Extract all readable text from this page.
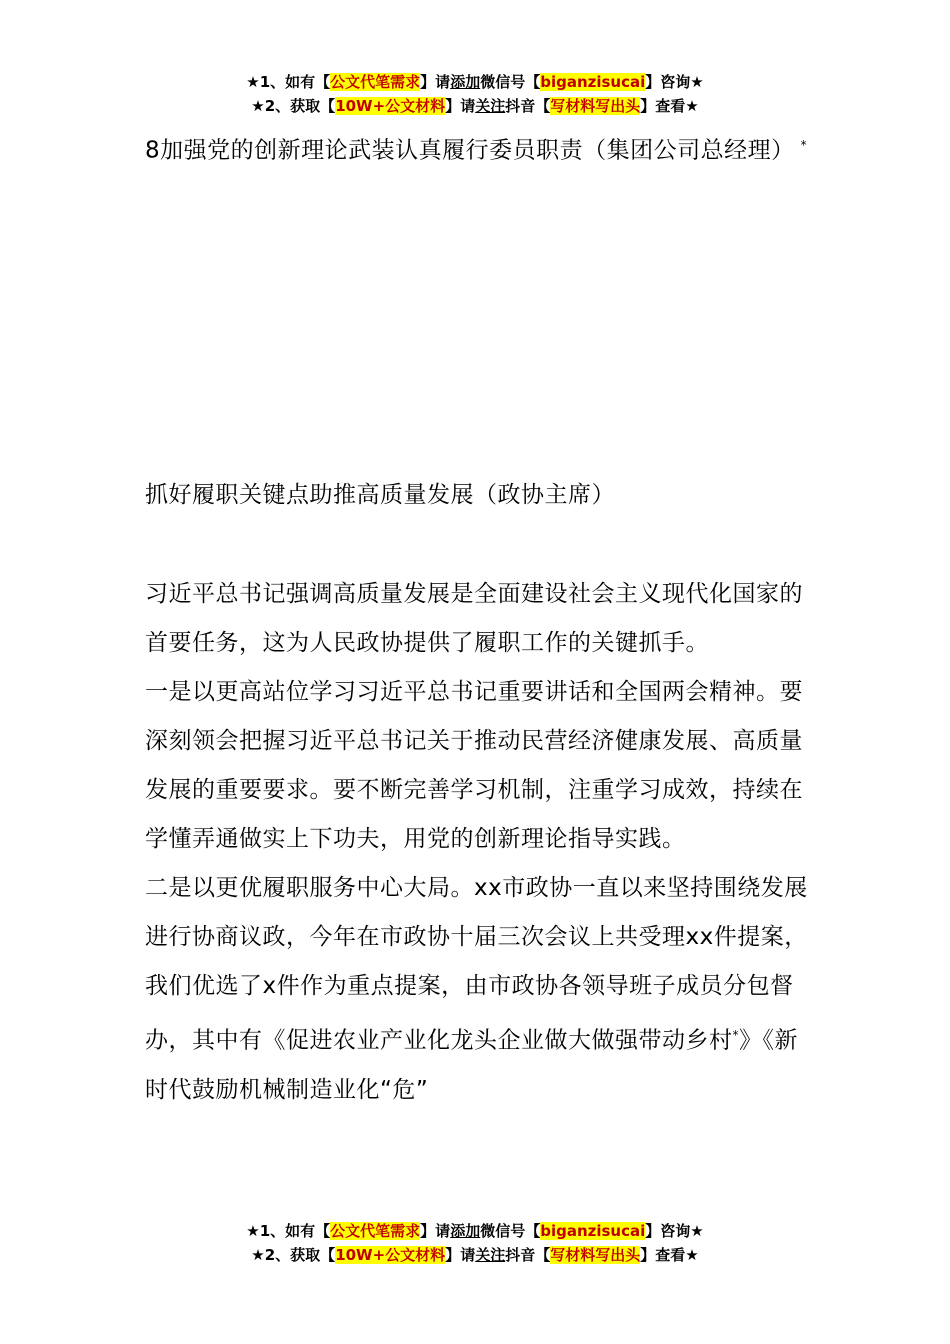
★1、如有【公文代笔需求】请添加微信号【biganzisucai】咨询★
★2、获取【10W+公文材料】请关注抖音【写材料写出头】查看★
8加强党的创新理论武装认真履行委员职责（集团公司总经理） *
抓好履职关键点助推高质量发展（政协主席）

习近平总书记强调高质量发展是全面建设社会主义现代化国家的首要任务，这为人民政协提供了履职工作的关键抓手。

一是以更高站位学习习近平总书记重要讲话和全国两会精神。要深刻领会把握习近平总书记关于推动民营经济健康发展、高质量发展的重要要求。要不断完善学习机制，注重学习成效，持续在学懂弄通做实上下功夫，用党的创新理论指导实践。

二是以更优履职服务中心大局。xx市政协一直以来坚持围绕发展进行协商议政，今年在市政协十届三次会议上共受理xx件提案，我们优选了x件作为重点提案，由市政协各领导班子成员分包督办，其中有《促进农业产业化龙头企业做大做强带动乡村*》《新时代鼓励机械制造业化“危”

★1、如有【公文代笔需求】请添加微信号【biganzisucai】咨询★
★2、获取【10W+公文材料】请关注抖音【写材料写出头】查看★
